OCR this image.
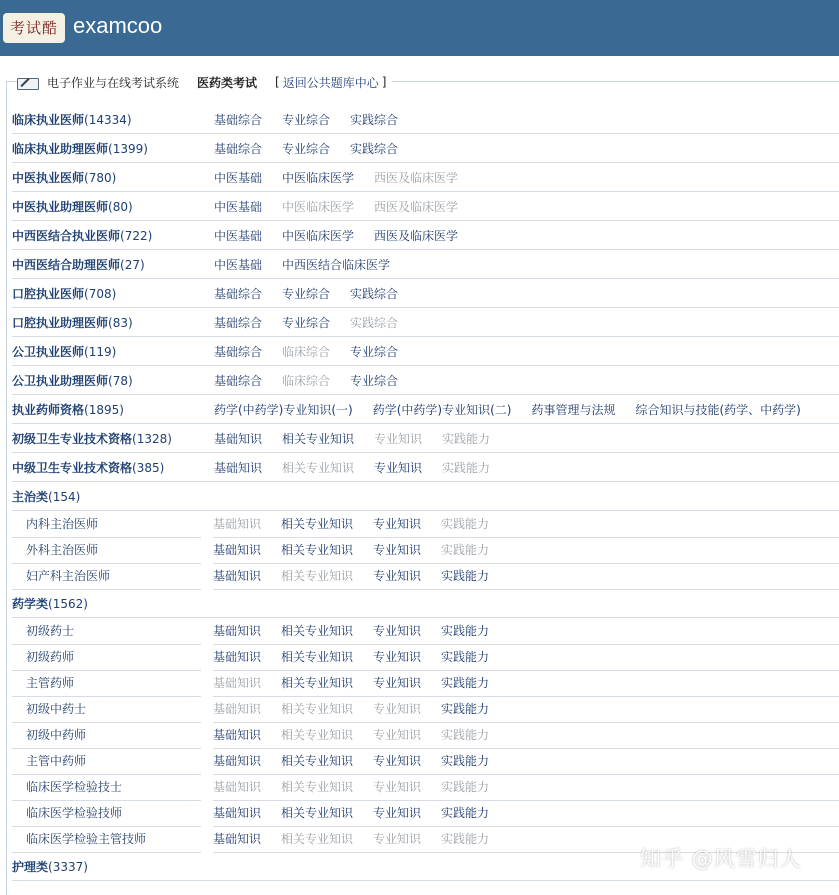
考试酷 examcoo
电子作业与在线考试系统 医药类考试 [ 返回公共题库中心 ]
临床执业医师(14334)	基础综合 专业综合 实践综合
临床执业助理医师(1399)	基础综合 专业综合 实践综合
中医执业医师(780)	中医基础 中医临床医学 西医及临床医学
中医执业助理医师(80)	中医基础 中医临床医学 西医及临床医学
中西医结合执业医师(722)	中医基础 中医临床医学 西医及临床医学
中西医结合助理医师(27)	中医基础 中西医结合临床医学
口腔执业医师(708)	基础综合 专业综合 实践综合
口腔执业助理医师(83)	基础综合 专业综合 实践综合
公卫执业医师(119)	基础综合 临床综合 专业综合
公卫执业助理医师(78)	基础综合 临床综合 专业综合
执业药师资格(1895)	药学(中药学)专业知识(一) 药学(中药学)专业知识(二) 药事管理与法规 综合知识与技能(药学、中药学)
初级卫生专业技术资格(1328)	基础知识 相关专业知识 专业知识 实践能力
中级卫生专业技术资格(385)	基础知识 相关专业知识 专业知识 实践能力
主治类(154)
内科主治医师	基础知识 相关专业知识 专业知识 实践能力
外科主治医师	基础知识 相关专业知识 专业知识 实践能力
妇产科主治医师	基础知识 相关专业知识 专业知识 实践能力
药学类(1562)
初级药士	基础知识 相关专业知识 专业知识 实践能力
初级药师	基础知识 相关专业知识 专业知识 实践能力
主管药师	基础知识 相关专业知识 专业知识 实践能力
初级中药士	基础知识 相关专业知识 专业知识 实践能力
初级中药师	基础知识 相关专业知识 专业知识 实践能力
主管中药师	基础知识 相关专业知识 专业知识 实践能力
临床医学检验技士	基础知识 相关专业知识 专业知识 实践能力
临床医学检验技师	基础知识 相关专业知识 专业知识 实践能力
临床医学检验主管技师	基础知识 相关专业知识 专业知识 实践能力
护理类(3337)	知乎 @风雪归人
